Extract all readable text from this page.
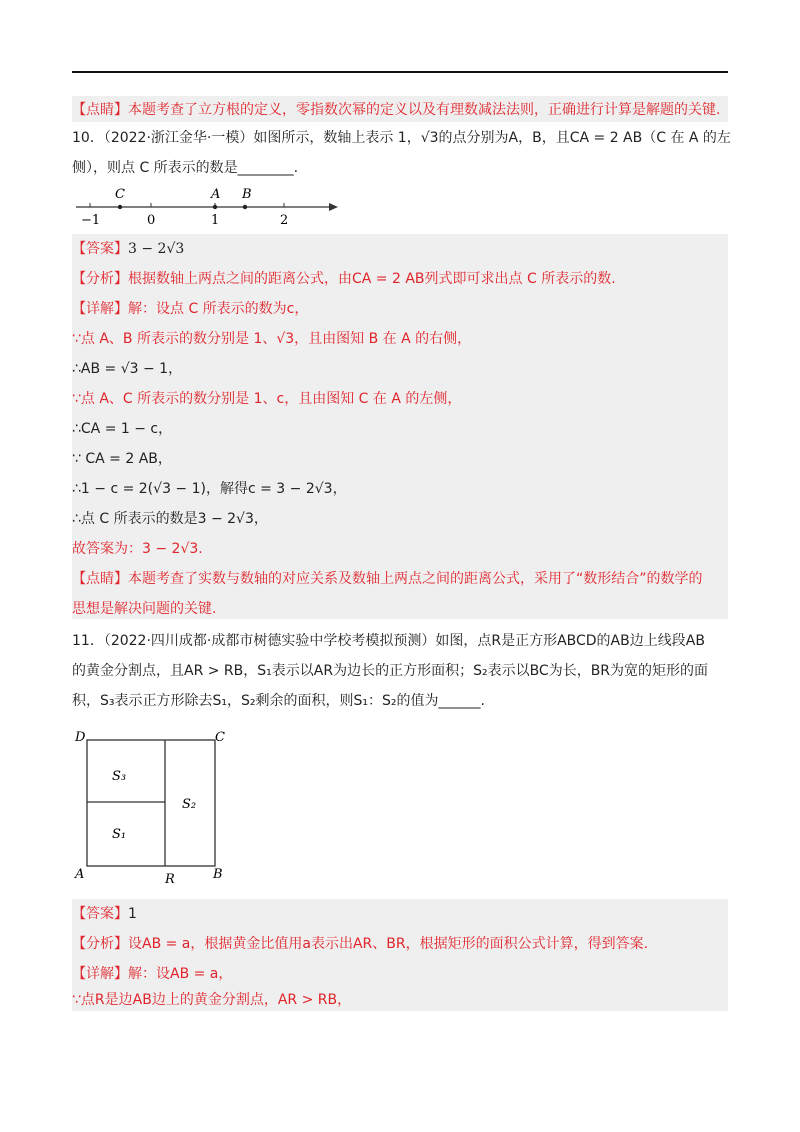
【点睛】本题考查了立方根的定义，零指数次幂的定义以及有理数减法法则，正确进行计算是解题的关键.
10．（2022·浙江金华·一模）如图所示，数轴上表示 1，√3的点分别为A，B，且CA = 2 AB（C 在 A 的左
侧），则点 C 所表示的数是________.
C	A B
−1	0	1	2
【答案】3 − 2√3
【分析】根据数轴上两点之间的距离公式，由CA = 2 AB列式即可求出点 C 所表示的数.
【详解】解：设点 C 所表示的数为c，
∵点 A、B 所表示的数分别是 1、√3，且由图知 B 在 A 的右侧，
∴AB = √3 − 1，
∵点 A、C 所表示的数分别是 1、c，且由图知 C 在 A 的左侧，
∴CA = 1 − c，
∵ CA = 2 AB，
∴1 − c = 2(√3 − 1)，解得c = 3 − 2√3，
∴点 C 所表示的数是3 − 2√3，
故答案为：3 − 2√3.
【点睛】本题考查了实数与数轴的对应关系及数轴上两点之间的距离公式，采用了“数形结合”的数学的
思想是解决问题的关键.
11．（2022·四川成都·成都市树德实验中学校考模拟预测）如图，点R是正方形ABCD的AB边上线段AB
的黄金分割点，且AR > RB，S₁表示以AR为边长的正方形面积；S₂表示以BC为长，BR为宽的矩形的面
积，S₃表示正方形除去S₁，S₂剩余的面积，则S₁：S₂的值为______.
D	C
A	B
R
S₃
S₂
S₁
【答案】1
【分析】设AB = a，根据黄金比值用a表示出AR、BR，根据矩形的面积公式计算，得到答案.
【详解】解：设AB = a，
∵点R是边AB边上的黄金分割点，AR > RB，
